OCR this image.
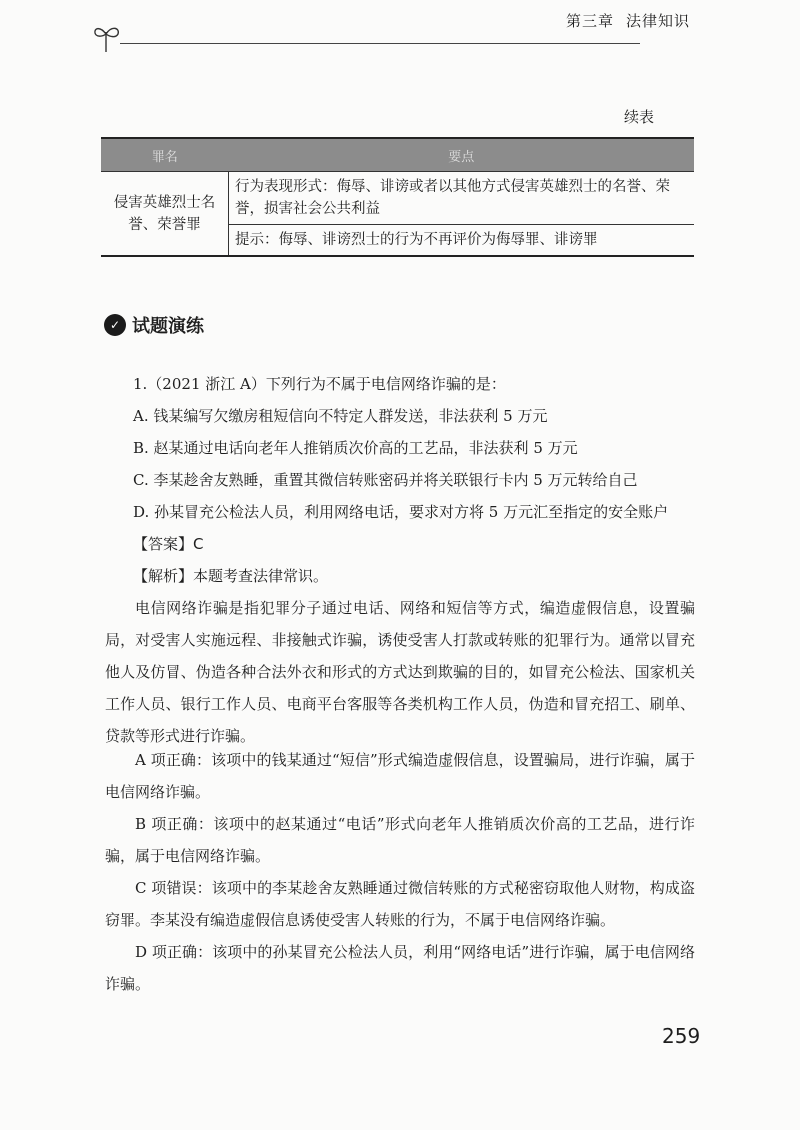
第三章 法律知识
续表
罪名	要点
侵害英雄烈士名誉、荣誉罪	行为表现形式：侮辱、诽谤或者以其他方式侵害英雄烈士的名誉、荣誉，损害社会公共利益
	提示：侮辱、诽谤烈士的行为不再评价为侮辱罪、诽谤罪
✓ 试题演练
1.（2021 浙江 A）下列行为不属于电信网络诈骗的是：
A. 钱某编写欠缴房租短信向不特定人群发送，非法获利 5 万元
B. 赵某通过电话向老年人推销质次价高的工艺品，非法获利 5 万元
C. 李某趁舍友熟睡，重置其微信转账密码并将关联银行卡内 5 万元转给自己
D. 孙某冒充公检法人员，利用网络电话，要求对方将 5 万元汇至指定的安全账户
【答案】C
【解析】本题考查法律常识。
电信网络诈骗是指犯罪分子通过电话、网络和短信等方式，编造虚假信息，设置骗局，对受害人实施远程、非接触式诈骗，诱使受害人打款或转账的犯罪行为。通常以冒充他人及仿冒、伪造各种合法外衣和形式的方式达到欺骗的目的，如冒充公检法、国家机关工作人员、银行工作人员、电商平台客服等各类机构工作人员，伪造和冒充招工、刷单、贷款等形式进行诈骗。
A 项正确：该项中的钱某通过“短信”形式编造虚假信息，设置骗局，进行诈骗，属于电信网络诈骗。
B 项正确：该项中的赵某通过“电话”形式向老年人推销质次价高的工艺品，进行诈骗，属于电信网络诈骗。
C 项错误：该项中的李某趁舍友熟睡通过微信转账的方式秘密窃取他人财物，构成盗窃罪。李某没有编造虚假信息诱使受害人转账的行为，不属于电信网络诈骗。
D 项正确：该项中的孙某冒充公检法人员，利用“网络电话”进行诈骗，属于电信网络诈骗。
259
